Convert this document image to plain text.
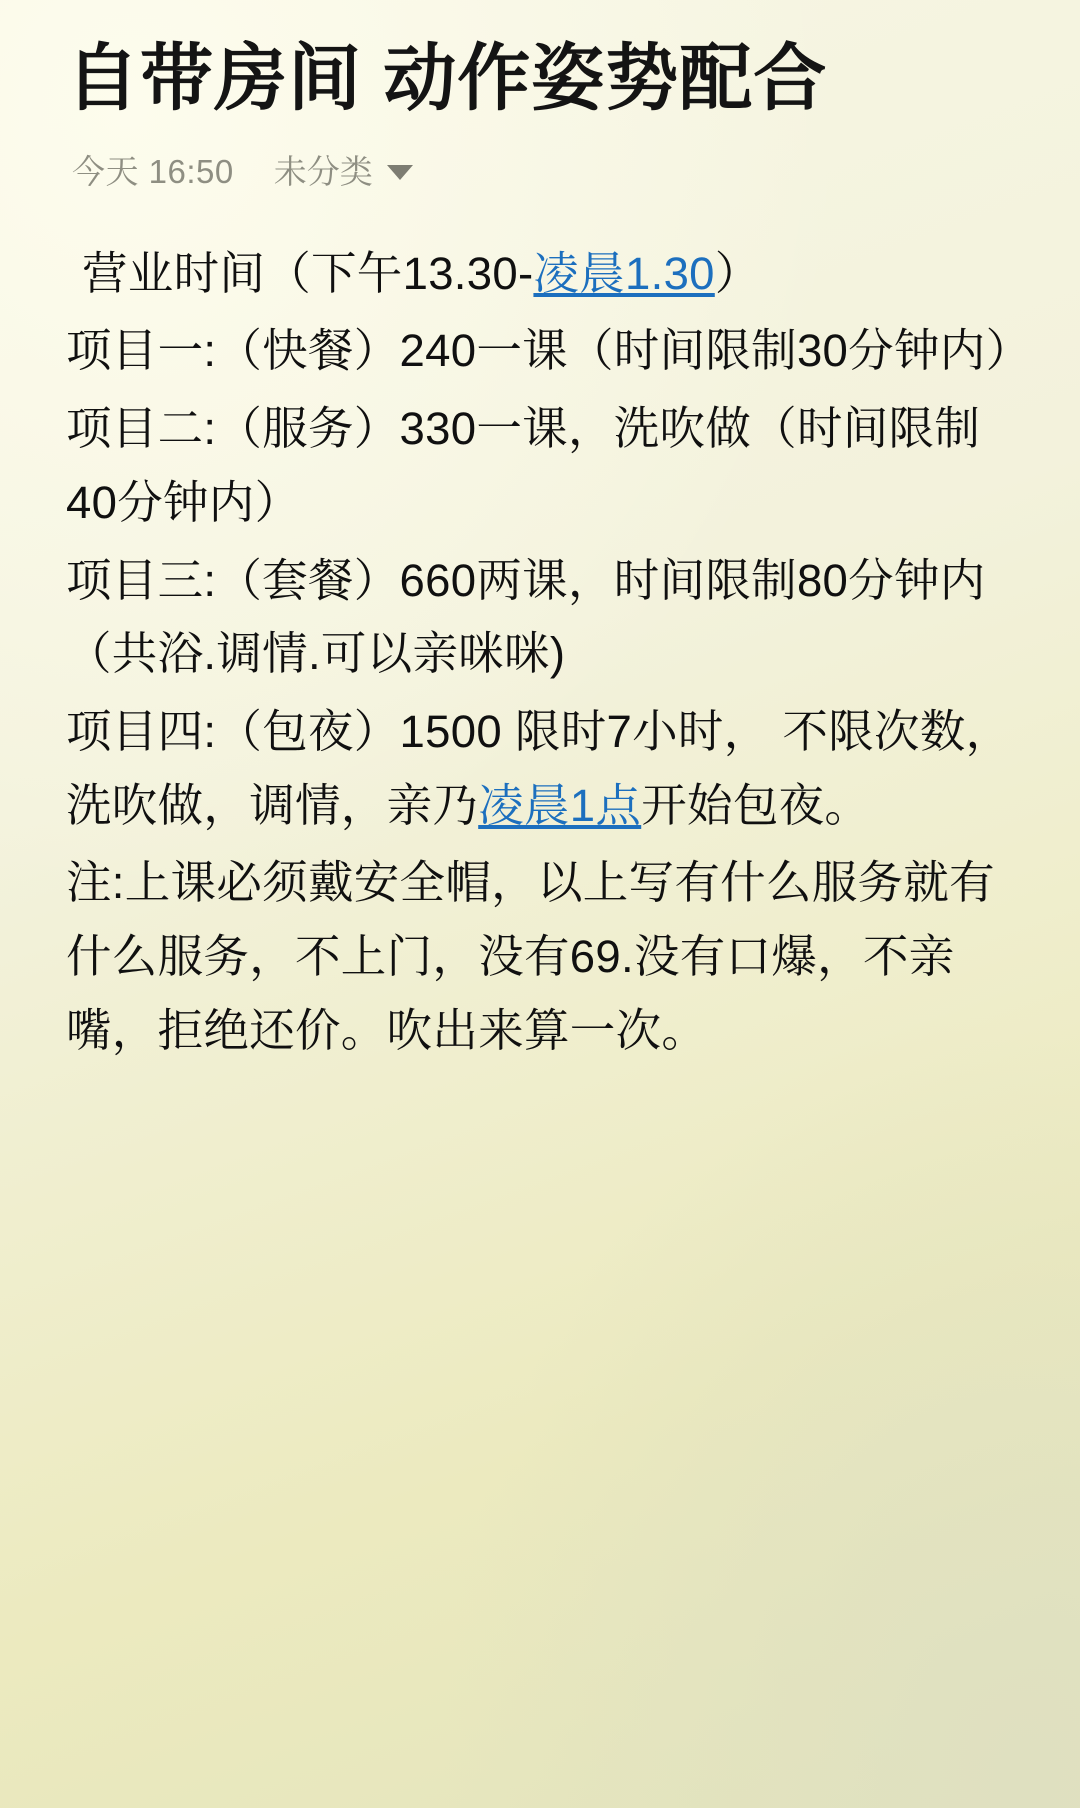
自带房间 动作姿势配合
今天 16:50 未分类

营业时间（下午13.30-凌晨1.30）

项目一:（快餐）240一课（时间限制30分钟内）

项目二:（服务）330一课，洗吹做（时间限制40分钟内）

项目三:（套餐）660两课，时间限制80分钟内（共浴.调情.可以亲咪咪)

项目四:（包夜）1500 限时7小时， 不限次数，洗吹做，调情，亲乃凌晨1点开始包夜。

注:上课必须戴安全帽，以上写有什么服务就有什么服务，不上门，没有69.没有口爆，不亲嘴，拒绝还价。吹出来算一次。
